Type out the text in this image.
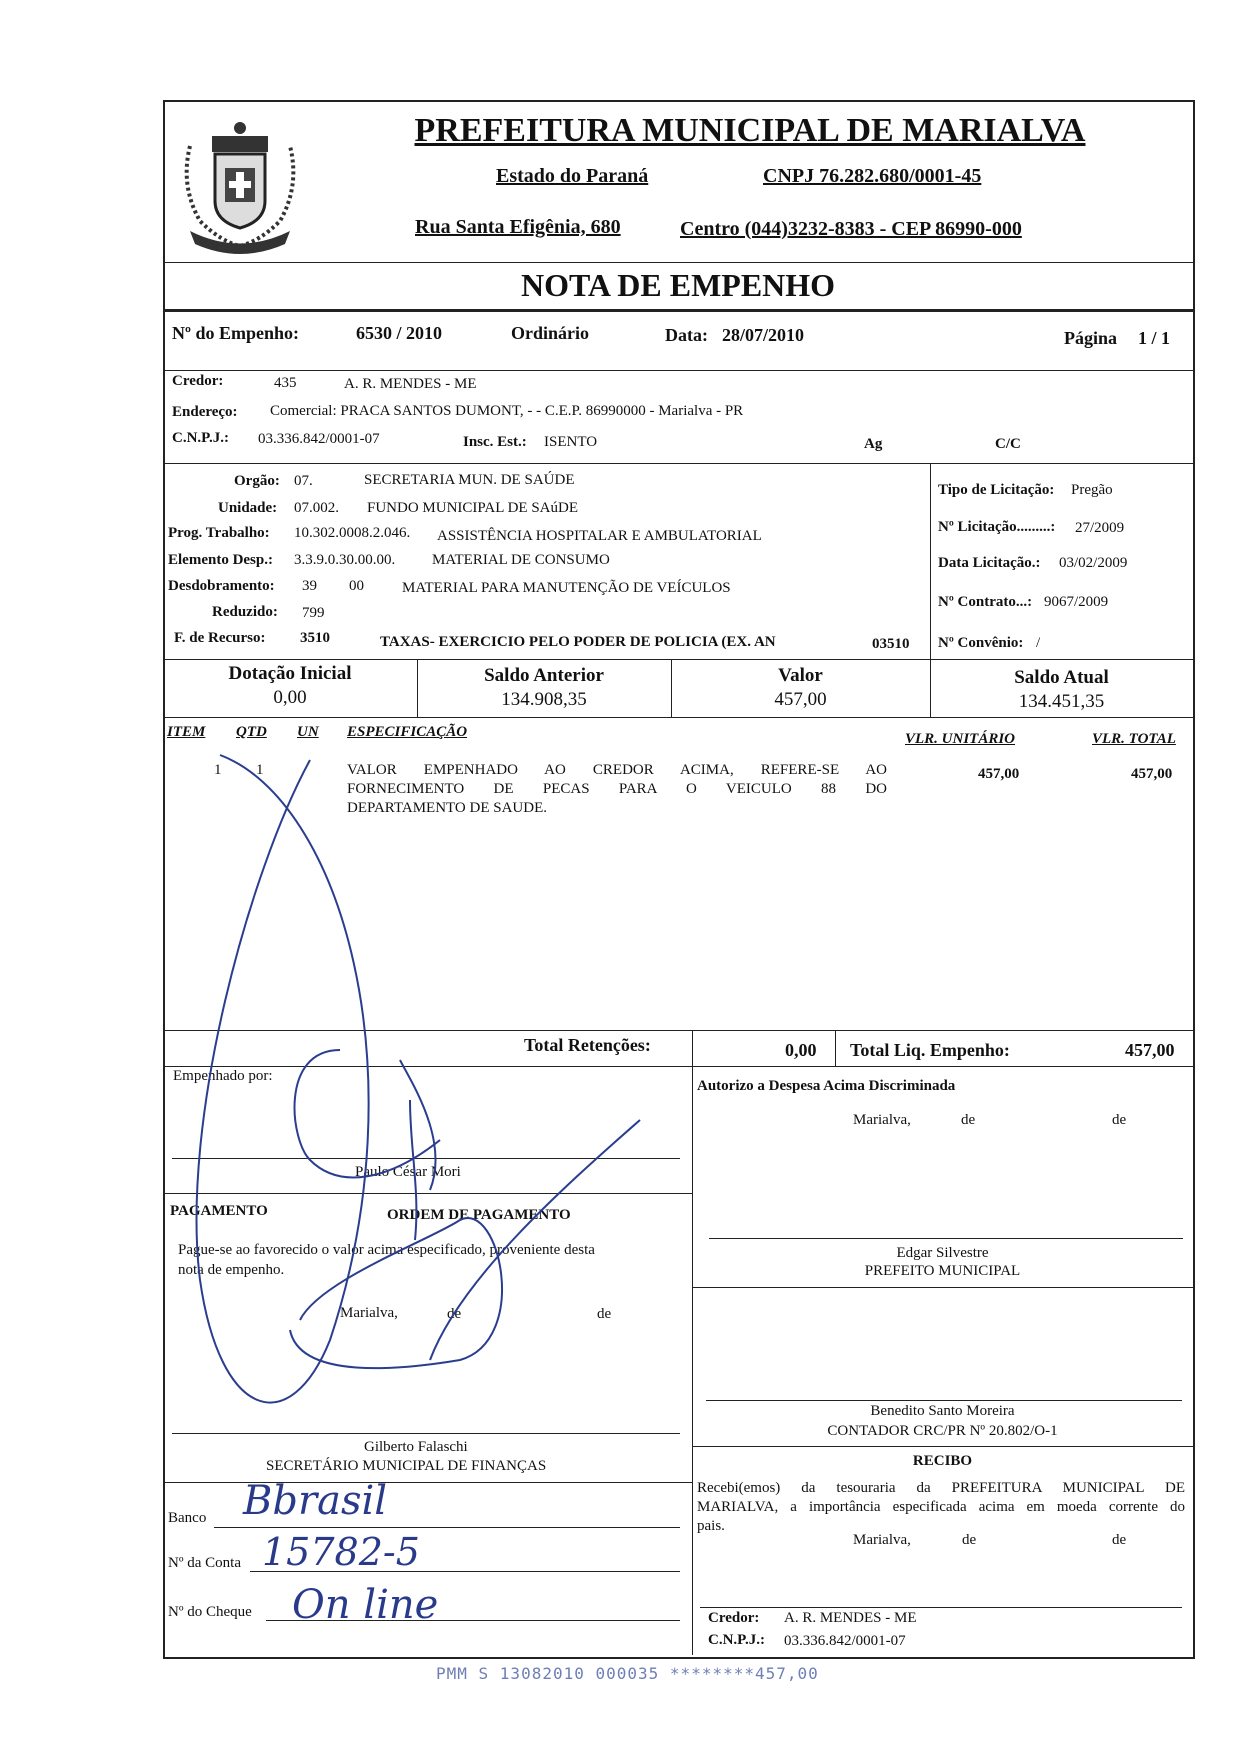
PREFEITURA MUNICIPAL DE MARIALVA
Estado do Paraná	CNPJ 76.282.680/0001-45
Rua Santa Efigênia, 680	Centro (044)3232-8383 - CEP 86990-000
NOTA DE EMPENHO
Nº do Empenho:	6530 / 2010	Ordinário	Data: 28/07/2010	Página 1 / 1
Credor:	435	A. R. MENDES - ME
Endereço: Comercial: PRACA SANTOS DUMONT, - - C.E.P. 86990000 - Marialva - PR
C.N.P.J.: 03.336.842/0001-07	Insc. Est.: ISENTO	Ag	C/C
Orgão: 07.	SECRETARIA MUN. DE SAÚDE
Unidade: 07.002. FUNDO MUNICIPAL DE SAúDE
Prog. Trabalho: 10.302.0008.2.046. ASSISTÊNCIA HOSPITALAR E AMBULATORIAL
Elemento Desp.: 3.3.9.0.30.00.00. MATERIAL DE CONSUMO
Desdobramento: 39 00	MATERIAL PARA MANUTENÇÃO DE VEÍCULOS
Reduzido: 799
F. de Recurso: 3510	TAXAS- EXERCICIO PELO PODER DE POLICIA (EX. AN	03510
Tipo de Licitação: Pregão
Nº Licitação.........: 27/2009
Data Licitação.: 03/02/2009
Nº Contrato...: 9067/2009
Nº Convênio: /
Dotação Inicial
0,00
Saldo Anterior
134.908,35
Valor
457,00
Saldo Atual
134.451,35
ITEM QTD UN ESPECIFICAÇÃO	VLR. UNITÁRIO	VLR. TOTAL
1 1	VALOR EMPENHADO AO CREDOR ACIMA, REFERE-SE AO
FORNECIMENTO DE PECAS PARA O VEICULO 88 DO
DEPARTAMENTO DE SAUDE.
457,00	457,00
Total Retenções:	0,00 Total Liq. Empenho:	457,00
Empenhado por:
Paulo César Mori
PAGAMENTO	ORDEM DE PAGAMENTO
Pague-se ao favorecido o valor acima especificado, proveniente desta
nota de empenho.
Marialva,	de	de
Gilberto Falaschi
SECRETÁRIO MUNICIPAL DE FINANÇAS
Banco Bbrasil
Nº da Conta 15782-5
Nº do Cheque On line
Autorizo a Despesa Acima Discriminada
Marialva,	de	de
Edgar Silvestre
PREFEITO MUNICIPAL
Benedito Santo Moreira
CONTADOR CRC/PR Nº 20.802/O-1
RECIBO
Recebi(emos) da tesouraria da PREFEITURA MUNICIPAL DE
MARIALVA, a importância especificada acima em moeda corrente do
pais.
Marialva,	de	de
Credor: A. R. MENDES - ME
C.N.P.J.: 03.336.842/0001-07
PMM S 13082010 000035 ********457,00
